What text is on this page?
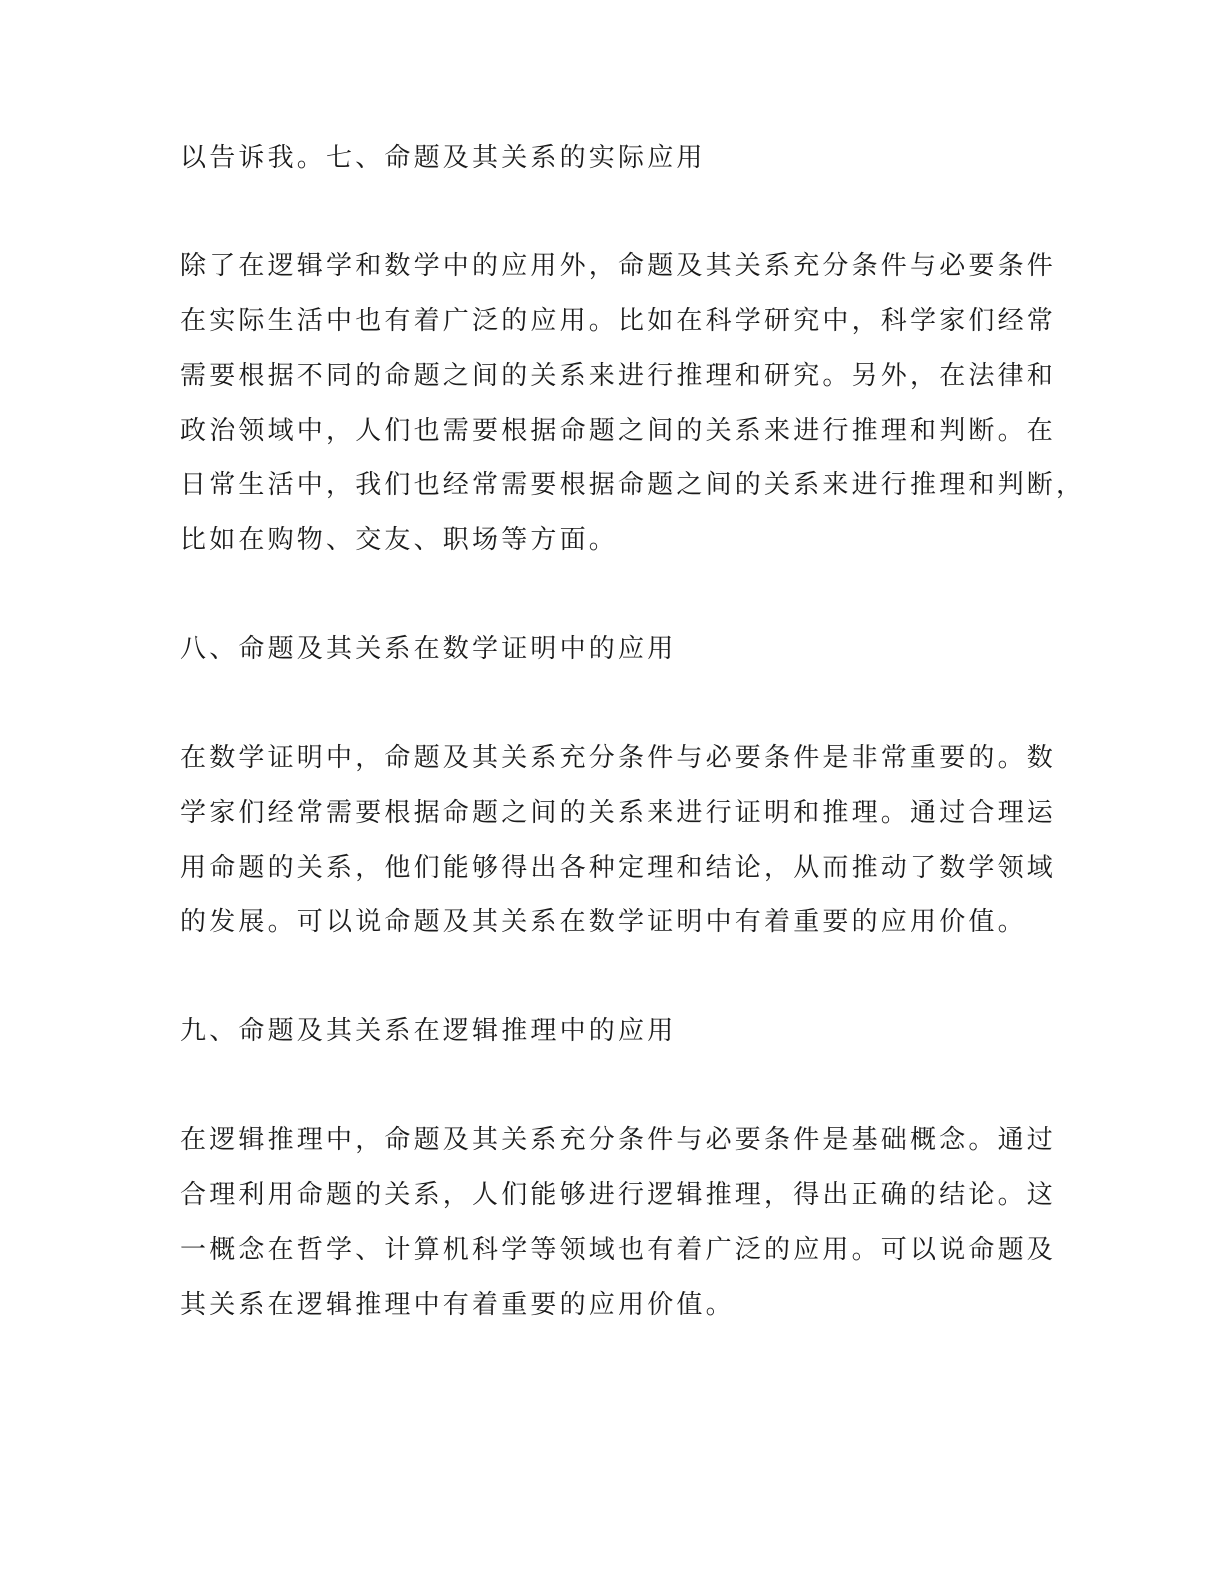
以告诉我。七、命题及其关系的实际应用
除了在逻辑学和数学中的应用外，命题及其关系充分条件与必要条件
在实际生活中也有着广泛的应用。比如在科学研究中，科学家们经常
需要根据不同的命题之间的关系来进行推理和研究。另外，在法律和
政治领域中，人们也需要根据命题之间的关系来进行推理和判断。在
日常生活中，我们也经常需要根据命题之间的关系来进行推理和判断，
比如在购物、交友、职场等方面。
八、命题及其关系在数学证明中的应用
在数学证明中，命题及其关系充分条件与必要条件是非常重要的。数
学家们经常需要根据命题之间的关系来进行证明和推理。通过合理运
用命题的关系，他们能够得出各种定理和结论，从而推动了数学领域
的发展。可以说命题及其关系在数学证明中有着重要的应用价值。
九、命题及其关系在逻辑推理中的应用
在逻辑推理中，命题及其关系充分条件与必要条件是基础概念。通过
合理利用命题的关系，人们能够进行逻辑推理，得出正确的结论。这
一概念在哲学、计算机科学等领域也有着广泛的应用。可以说命题及
其关系在逻辑推理中有着重要的应用价值。
